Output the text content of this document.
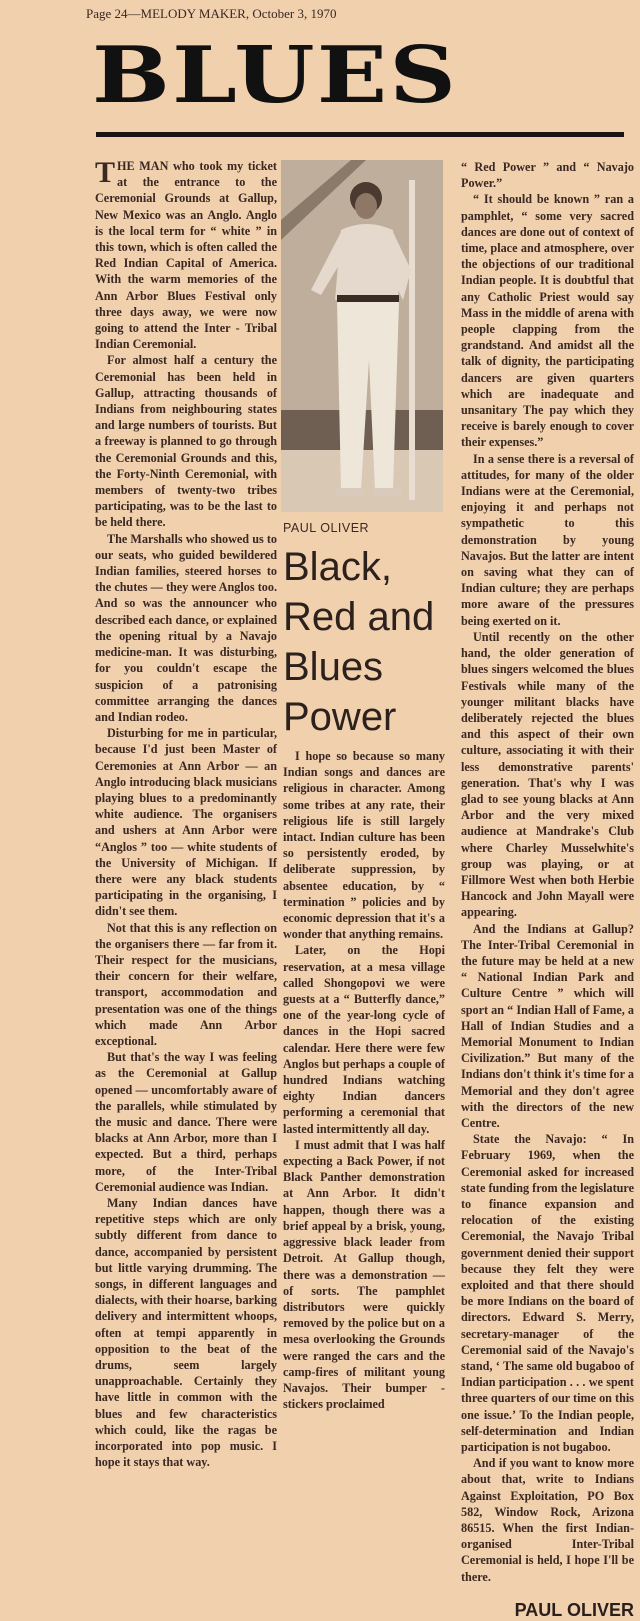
Page 24—MELODY MAKER, October 3, 1970
BLUES

THE MAN who took my ticket at the entrance to the Ceremonial Grounds at Gallup, New Mexico was an Anglo. Anglo is the local term for “ white ” in this town, which is often called the Red Indian Capital of America. With the warm memories of the Ann Arbor Blues Festival only three days away, we were now going to attend the Inter - Tribal Indian Ceremonial.

For almost half a century the Ceremonial has been held in Gallup, attracting thousands of Indians from neighbouring states and large numbers of tourists. But a freeway is planned to go through the Ceremonial Grounds and this, the Forty-Ninth Ceremonial, with members of twenty-two tribes participating, was to be the last to be held there.

The Marshalls who showed us to our seats, who guided bewildered Indian families, steered horses to the chutes — they were Anglos too. And so was the announcer who described each dance, or explained the opening ritual by a Navajo medicine-man. It was disturbing, for you couldn't escape the suspicion of a patronising committee arranging the dances and Indian rodeo.

Disturbing for me in particular, because I'd just been Master of Ceremonies at Ann Arbor — an Anglo introducing black musicians playing blues to a predominantly white audience. The organisers and ushers at Ann Arbor were “Anglos ” too — white students of the University of Michigan. If there were any black students participating in the organising, I didn't see them.

Not that this is any reflection on the organisers there — far from it. Their respect for the musicians, their concern for their welfare, transport, accommodation and presentation was one of the things which made Ann Arbor exceptional.

But that's the way I was feeling as the Ceremonial at Gallup opened — uncomfortably aware of the parallels, while stimulated by the music and dance. There were blacks at Ann Arbor, more than I expected. But a third, perhaps more, of the Inter-Tribal Ceremonial audience was Indian.

Many Indian dances have repetitive steps which are only subtly different from dance to dance, accompanied by persistent but little varying drumming. The songs, in different languages and dialects, with their hoarse, barking delivery and intermittent whoops, often at tempi apparently in opposition to the beat of the drums, seem largely unapproachable. Certainly they have little in common with the blues and few characteristics which could, like the ragas be incorporated into pop music. I hope it stays that way.

PAUL OLIVER
Black, Red and Blues Power

I hope so because so many Indian songs and dances are religious in character. Among some tribes at any rate, their religious life is still largely intact. Indian culture has been so persistently eroded, by deliberate suppression, by absentee education, by “ termination ” policies and by economic depression that it's a wonder that anything remains.

Later, on the Hopi reservation, at a mesa village called Shongopovi we were guests at a “ Butterfly dance,” one of the year-long cycle of dances in the Hopi sacred calendar. Here there were few Anglos but perhaps a couple of hundred Indians watching eighty Indian dancers performing a ceremonial that lasted intermittently all day.

I must admit that I was half expecting a Back Power, if not Black Panther demonstration at Ann Arbor. It didn't happen, though there was a brief appeal by a brisk, young, aggressive black leader from Detroit. At Gallup though, there was a demonstration — of sorts. The pamphlet distributors were quickly removed by the police but on a mesa overlooking the Grounds were ranged the cars and the camp-fires of militant young Navajos. Their bumper - stickers proclaimed

“ Red Power ” and “ Navajo Power.”

“ It should be known ” ran a pamphlet, “ some very sacred dances are done out of context of time, place and atmosphere, over the objections of our traditional Indian people. It is doubtful that any Catholic Priest would say Mass in the middle of arena with people clapping from the grandstand. And amidst all the talk of dignity, the participating dancers are given quarters which are inadequate and unsanitary The pay which they receive is barely enough to cover their expenses.”

In a sense there is a reversal of attitudes, for many of the older Indians were at the Ceremonial, enjoying it and perhaps not sympathetic to this demonstration by young Navajos. But the latter are intent on saving what they can of Indian culture; they are perhaps more aware of the pressures being exerted on it.

Until recently on the other hand, the older generation of blues singers welcomed the blues Festivals while many of the younger militant blacks have deliberately rejected the blues and this aspect of their own culture, associating it with their less demonstrative parents' generation. That's why I was glad to see young blacks at Ann Arbor and the very mixed audience at Mandrake's Club where Charley Musselwhite's group was playing, or at Fillmore West when both Herbie Hancock and John Mayall were appearing.

And the Indians at Gallup? The Inter-Tribal Ceremonial in the future may be held at a new “ National Indian Park and Culture Centre ” which will sport an “ Indian Hall of Fame, a Hall of Indian Studies and a Memorial Monument to Indian Civilization.” But many of the Indians don't think it's time for a Memorial and they don't agree with the directors of the new Centre.

State the Navajo: “ In February 1969, when the Ceremonial asked for increased state funding from the legislature to finance expansion and relocation of the existing Ceremonial, the Navajo Tribal government denied their support because they felt they were exploited and that there should be more Indians on the board of directors. Edward S. Merry, secretary-manager of the Ceremonial said of the Navajo's stand, ‘ The same old bugaboo of Indian participation . . . we spent three quarters of our time on this one issue.’ To the Indian people, self-determination and Indian participation is not bugaboo.

And if you want to know more about that, write to Indians Against Exploitation, PO Box 582, Window Rock, Arizona 86515. When the first Indian-organised Inter-Tribal Ceremonial is held, I hope I'll be there.

PAUL OLIVER
